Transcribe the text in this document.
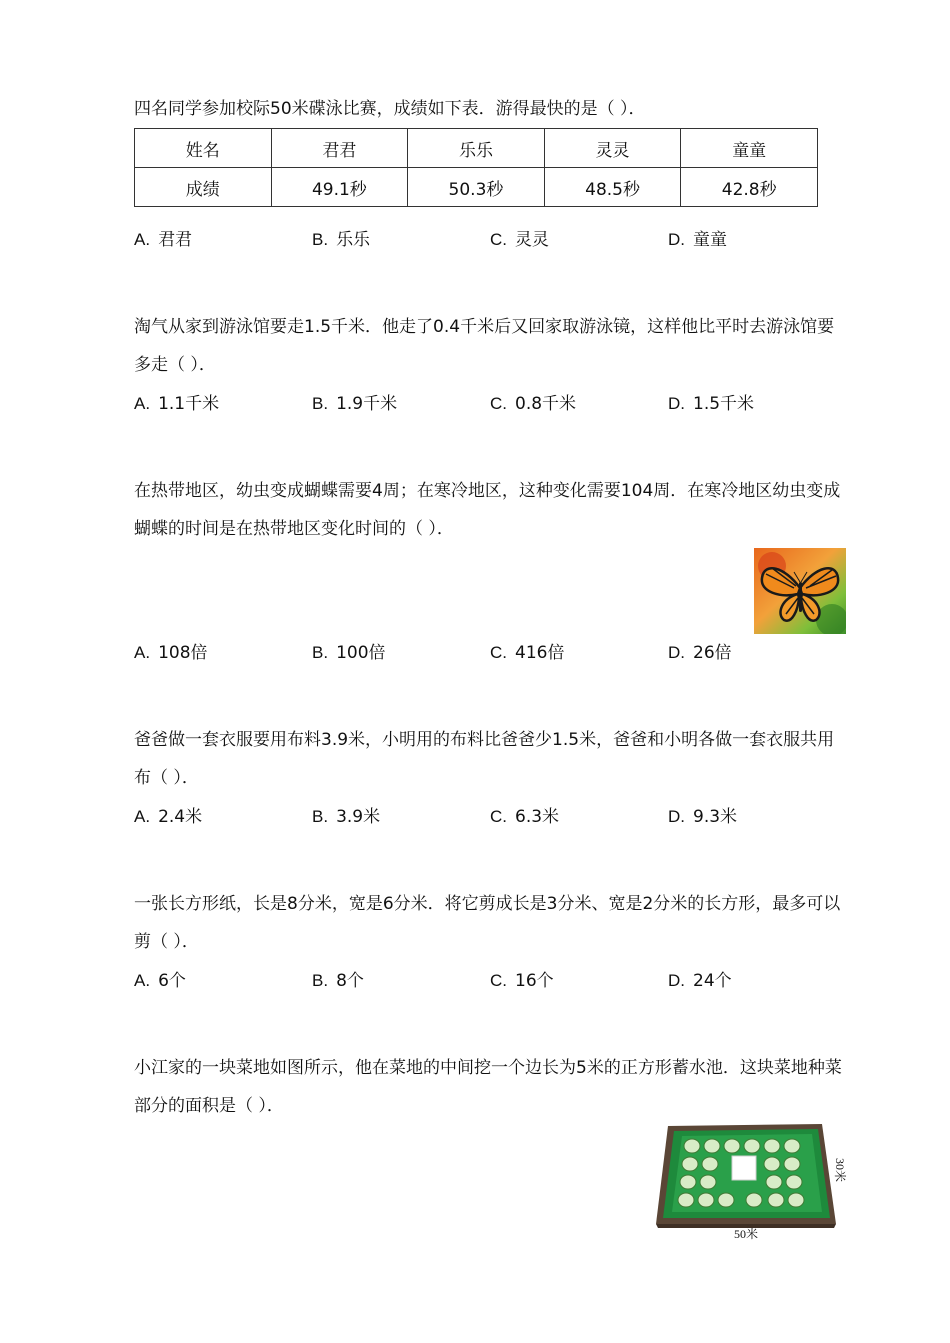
四名同学参加校际50米碟泳比赛，成绩如下表．游得最快的是（ ）．

姓名	君君	乐乐	灵灵	童童
成绩	49.1秒	50.3秒	48.5秒	42.8秒
A. 君君	B. 乐乐	C. 灵灵	D. 童童

淘气从家到游泳馆要走1.5千米．他走了0.4千米后又回家取游泳镜，这样他比平时去游泳馆要多走（ ）．

A. 1.1千米	B. 1.9千米	C. 0.8千米	D. 1.5千米

在热带地区，幼虫变成蝴蝶需要4周；在寒冷地区，这种变化需要104周．在寒冷地区幼虫变成蝴蝶的时间是在热带地区变化时间的（ ）．

A. 108倍	B. 100倍	C. 416倍	D. 26倍

爸爸做一套衣服要用布料3.9米，小明用的布料比爸爸少1.5米，爸爸和小明各做一套衣服共用布（ ）．

A. 2.4米	B. 3.9米	C. 6.3米	D. 9.3米

一张长方形纸，长是8分米，宽是6分米．将它剪成长是3分米、宽是2分米的长方形，最多可以剪（ ）．

A. 6个	B. 8个	C. 16个	D. 24个

小江家的一块菜地如图所示，他在菜地的中间挖一个边长为5米的正方形蓄水池．这块菜地种菜部分的面积是（ ）．

50米
30米
